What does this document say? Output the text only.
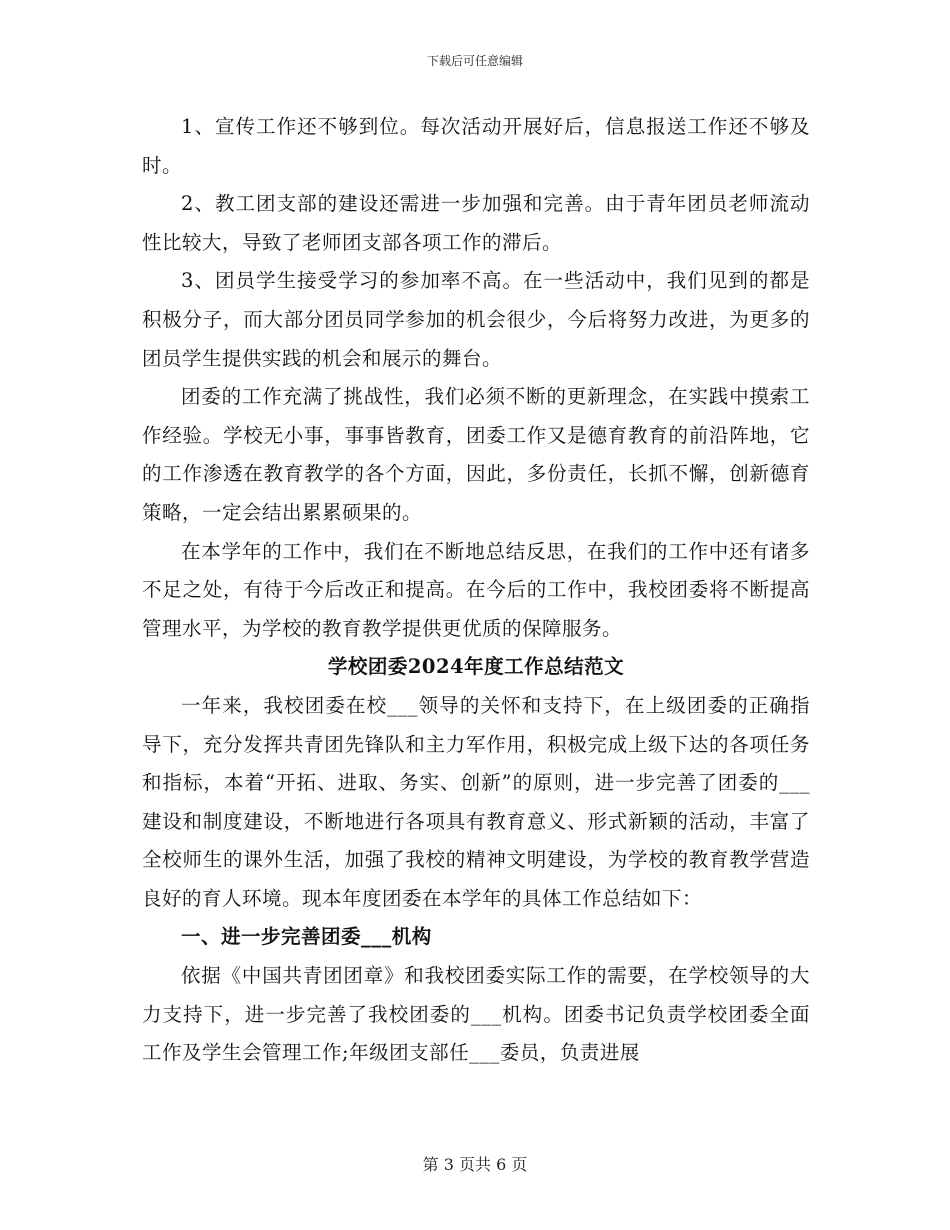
下载后可任意编辑

1、宣传工作还不够到位。每次活动开展好后，信息报送工作还不够及时。

2、教工团支部的建设还需进一步加强和完善。由于青年团员老师流动性比较大，导致了老师团支部各项工作的滞后。

3、团员学生接受学习的参加率不高。在一些活动中，我们见到的都是积极分子，而大部分团员同学参加的机会很少，今后将努力改进，为更多的团员学生提供实践的机会和展示的舞台。

团委的工作充满了挑战性，我们必须不断的更新理念，在实践中摸索工作经验。学校无小事，事事皆教育，团委工作又是德育教育的前沿阵地，它的工作渗透在教育教学的各个方面，因此，多份责任，长抓不懈，创新德育策略，一定会结出累累硕果的。

在本学年的工作中，我们在不断地总结反思，在我们的工作中还有诸多不足之处，有待于今后改正和提高。在今后的工作中，我校团委将不断提高管理水平，为学校的教育教学提供更优质的保障服务。

学校团委2024年度工作总结范文

一年来，我校团委在校___领导的关怀和支持下，在上级团委的正确指导下，充分发挥共青团先锋队和主力军作用，积极完成上级下达的各项任务和指标，本着“开拓、进取、务实、创新”的原则，进一步完善了团委的___建设和制度建设，不断地进行各项具有教育意义、形式新颖的活动，丰富了全校师生的课外生活，加强了我校的精神文明建设，为学校的教育教学营造良好的育人环境。现本年度团委在本学年的具体工作总结如下：

一、进一步完善团委___机构

依据《中国共青团团章》和我校团委实际工作的需要，在学校领导的大力支持下，进一步完善了我校团委的___机构。团委书记负责学校团委全面工作及学生会管理工作;年级团支部任___委员，负责进展

第 3 页共 6 页
